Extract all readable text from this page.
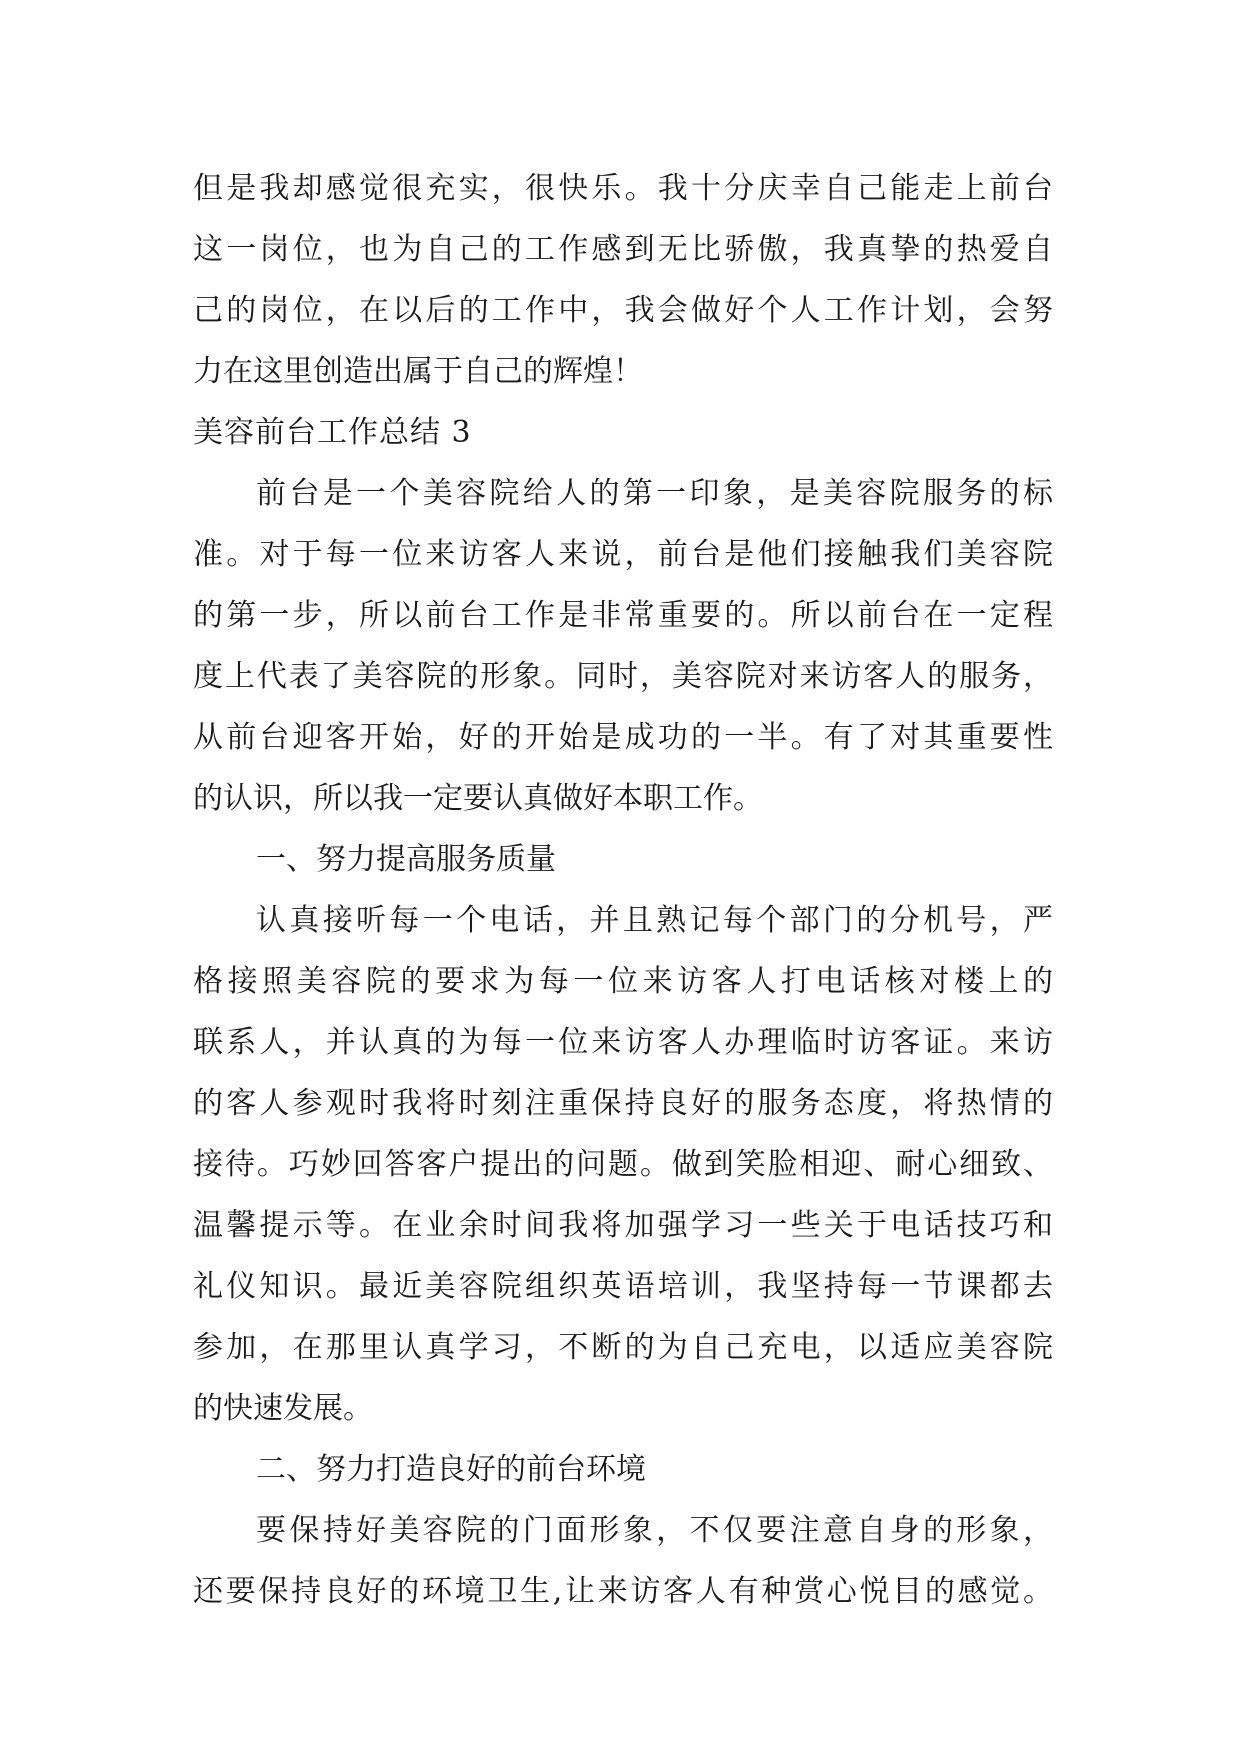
但是我却感觉很充实，很快乐。我十分庆幸自己能走上前台
这一岗位，也为自己的工作感到无比骄傲，我真挚的热爱自
己的岗位，在以后的工作中，我会做好个人工作计划，会努
力在这里创造出属于自己的辉煌！
美容前台工作总结 3
前台是一个美容院给人的第一印象，是美容院服务的标
准。对于每一位来访客人来说，前台是他们接触我们美容院
的第一步，所以前台工作是非常重要的。所以前台在一定程
度上代表了美容院的形象。同时，美容院对来访客人的服务，
从前台迎客开始，好的开始是成功的一半。有了对其重要性
的认识，所以我一定要认真做好本职工作。
一、努力提高服务质量
认真接听每一个电话，并且熟记每个部门的分机号，严
格接照美容院的要求为每一位来访客人打电话核对楼上的
联系人，并认真的为每一位来访客人办理临时访客证。来访
的客人参观时我将时刻注重保持良好的服务态度，将热情的
接待。巧妙回答客户提出的问题。做到笑脸相迎、耐心细致、
温馨提示等。在业余时间我将加强学习一些关于电话技巧和
礼仪知识。最近美容院组织英语培训，我坚持每一节课都去
参加，在那里认真学习，不断的为自己充电，以适应美容院
的快速发展。
二、努力打造良好的前台环境
要保持好美容院的门面形象，不仅要注意自身的形象，
还要保持良好的环境卫生,让来访客人有种赏心悦目的感觉。
